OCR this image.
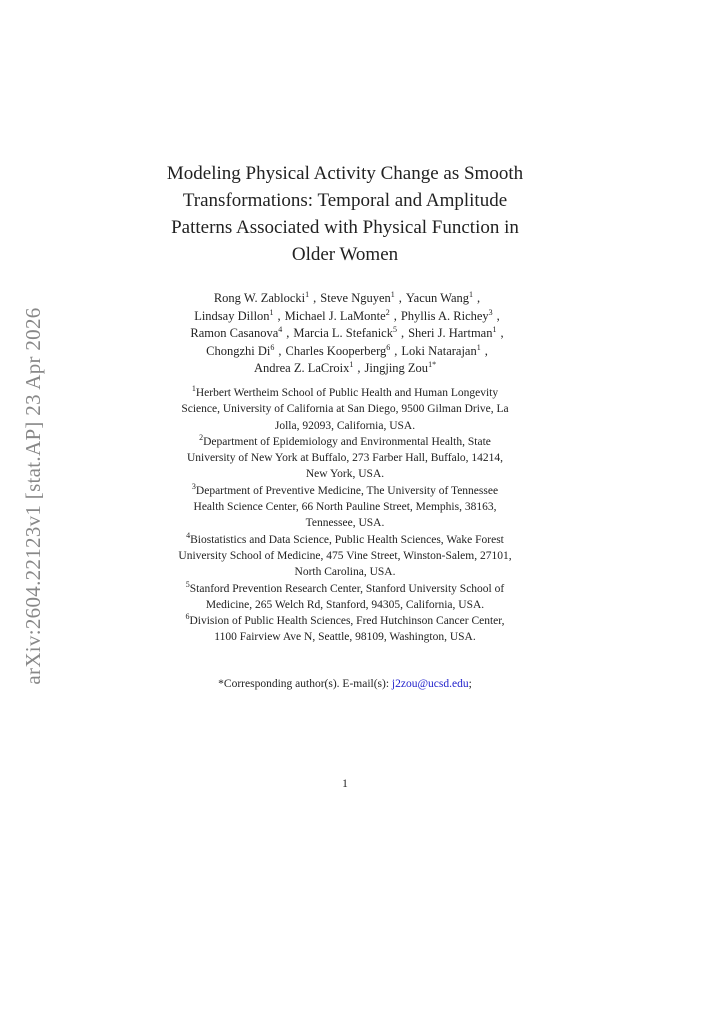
arXiv:2604.22123v1 [stat.AP] 23 Apr 2026
Modeling Physical Activity Change as Smooth
Transformations: Temporal and Amplitude
Patterns Associated with Physical Function in
Older Women
Rong W. Zablocki$^1$ , Steve Nguyen$^1$ , Yacun Wang$^1$ ,
Lindsay Dillon$^1$ , Michael J. LaMonte$^2$ , Phyllis A. Richey$^3$ ,
Ramon Casanova$^4$ , Marcia L. Stefanick$^5$ , Sheri J. Hartman$^1$ ,
Chongzhi Di$^6$ , Charles Kooperberg$^6$ , Loki Natarajan$^1$ ,
Andrea Z. LaCroix$^1$ , Jingjing Zou$^{1*}$
$^1$Herbert Wertheim School of Public Health and Human Longevity
Science, University of California at San Diego, 9500 Gilman Drive, La
Jolla, 92093, California, USA.
$^2$Department of Epidemiology and Environmental Health, State
University of New York at Buffalo, 273 Farber Hall, Buffalo, 14214,
New York, USA.
$^3$Department of Preventive Medicine, The University of Tennessee
Health Science Center, 66 North Pauline Street, Memphis, 38163,
Tennessee, USA.
$^4$Biostatistics and Data Science, Public Health Sciences, Wake Forest
University School of Medicine, 475 Vine Street, Winston-Salem, 27101,
North Carolina, USA.
$^5$Stanford Prevention Research Center, Stanford University School of
Medicine, 265 Welch Rd, Stanford, 94305, California, USA.
$^6$Division of Public Health Sciences, Fred Hutchinson Cancer Center,
1100 Fairview Ave N, Seattle, 98109, Washington, USA.
*Corresponding author(s). E-mail(s): j2zou@ucsd.edu;
1
